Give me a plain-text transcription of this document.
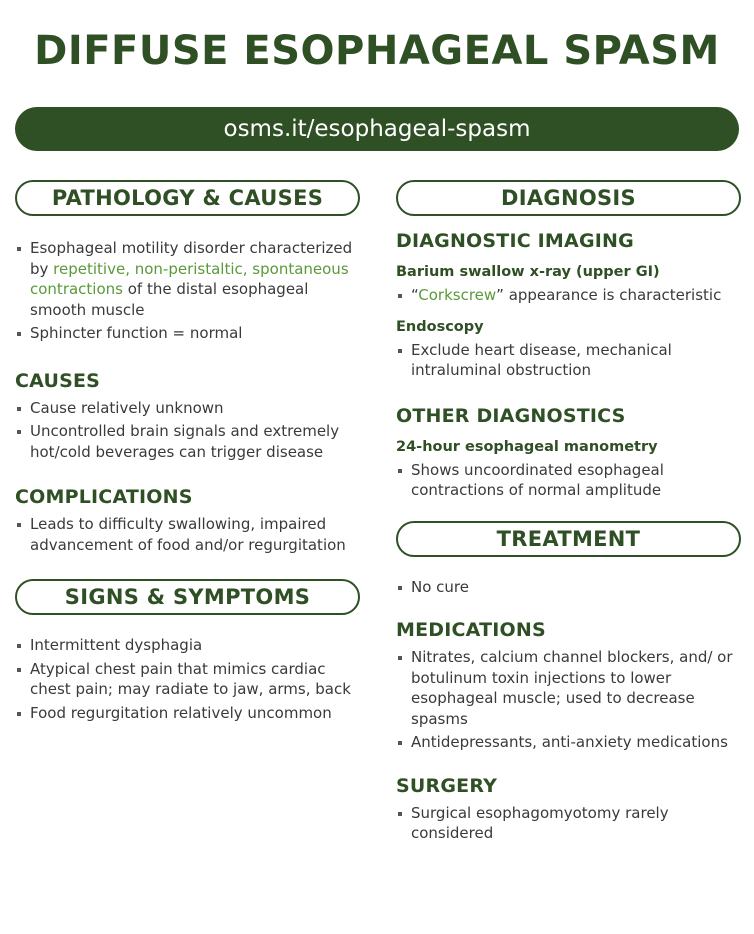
DIFFUSE ESOPHAGEAL SPASM
osms.it/esophageal-spasm
PATHOLOGY & CAUSES
Esophageal motility disorder characterized by repetitive, non-peristaltic, spontaneous contractions of the distal esophageal smooth muscle
Sphincter function = normal
CAUSES
Cause relatively unknown
Uncontrolled brain signals and extremely hot/cold beverages can trigger disease
COMPLICATIONS
Leads to difficulty swallowing, impaired advancement of food and/or regurgitation
SIGNS & SYMPTOMS
Intermittent dysphagia
Atypical chest pain that mimics cardiac chest pain; may radiate to jaw, arms, back
Food regurgitation relatively uncommon
DIAGNOSIS
DIAGNOSTIC IMAGING
Barium swallow x-ray (upper GI)
“Corkscrew” appearance is characteristic
Endoscopy
Exclude heart disease, mechanical intraluminal obstruction
OTHER DIAGNOSTICS
24-hour esophageal manometry
Shows uncoordinated esophageal contractions of normal amplitude
TREATMENT
No cure
MEDICATIONS
Nitrates, calcium channel blockers, and/ or botulinum toxin injections to lower esophageal muscle; used to decrease spasms
Antidepressants, anti-anxiety medications
SURGERY
Surgical esophagomyotomy rarely considered
